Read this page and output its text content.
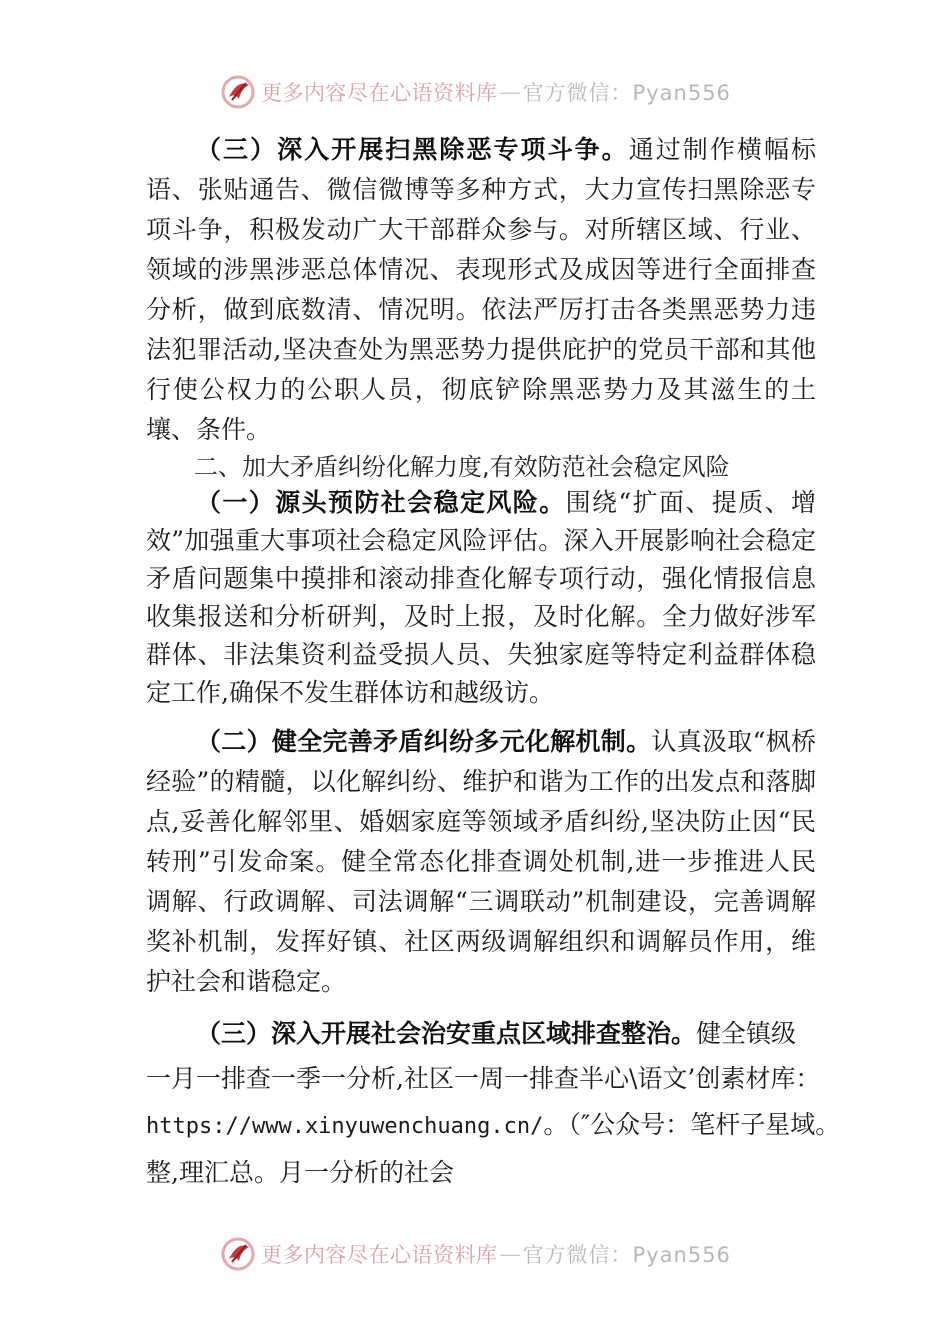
更多内容尽在心语资料库 — 官方微信：Pyan556

（三）深入开展扫黑除恶专项斗争。通过制作横幅标语、张贴通告、微信微博等多种方式，大力宣传扫黑除恶专项斗争，积极发动广大干部群众参与。对所辖区域、行业、领域的涉黑涉恶总体情况、表现形式及成因等进行全面排查分析，做到底数清、情况明。依法严厉打击各类黑恶势力违法犯罪活动,坚决查处为黑恶势力提供庇护的党员干部和其他行使公权力的公职人员，彻底铲除黑恶势力及其滋生的土壤、条件。

二、加大矛盾纠纷化解力度,有效防范社会稳定风险

（一）源头预防社会稳定风险。围绕“扩面、提质、增效”加强重大事项社会稳定风险评估。深入开展影响社会稳定矛盾问题集中摸排和滚动排查化解专项行动，强化情报信息收集报送和分析研判，及时上报，及时化解。全力做好涉军群体、非法集资利益受损人员、失独家庭等特定利益群体稳定工作,确保不发生群体访和越级访。

（二）健全完善矛盾纠纷多元化解机制。认真汲取“枫桥经验”的精髓，以化解纠纷、维护和谐为工作的出发点和落脚点,妥善化解邻里、婚姻家庭等领域矛盾纠纷,坚决防止因“民转刑”引发命案。健全常态化排查调处机制,进一步推进人民调解、行政调解、司法调解“三调联动”机制建设，完善调解奖补机制，发挥好镇、社区两级调解组织和调解员作用，维护社会和谐稳定。

（三）深入开展社会治安重点区域排查整治。健全镇级

一月一排查一季一分析,社区一周一排查半心\语文’创素材库：
https://www.xinyuwenchuang.cn/。（″公众号：笔杆子星域。
整,理汇总。月一分析的社会
更多内容尽在心语资料库 — 官方微信：Pyan556
